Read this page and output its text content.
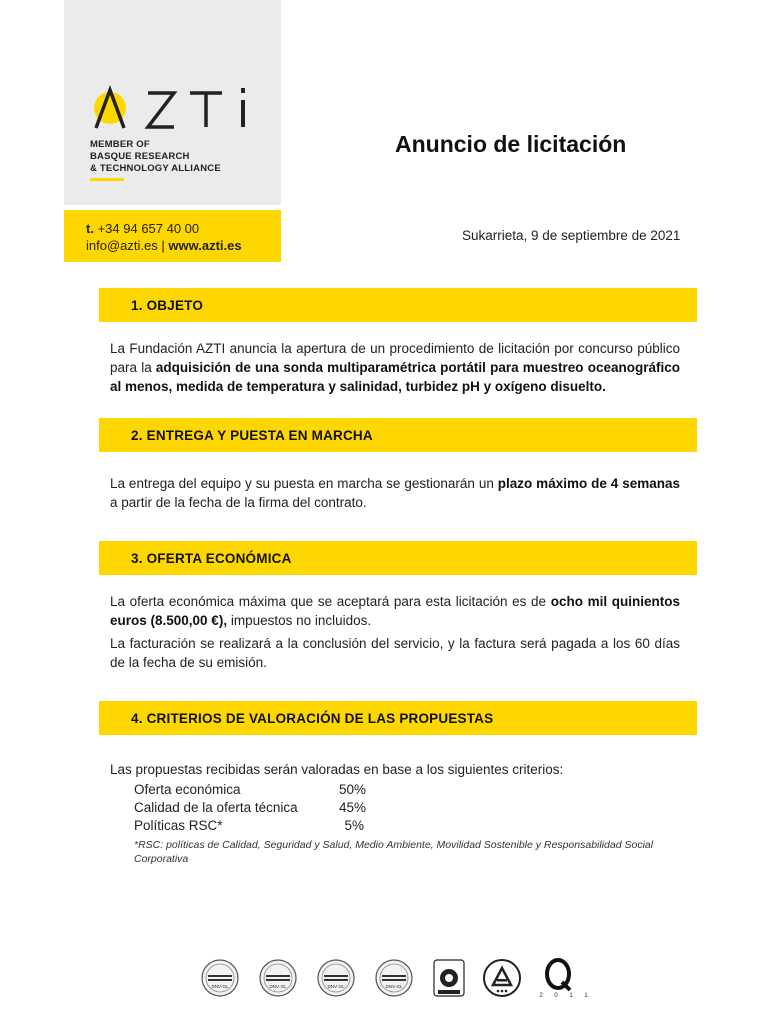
MEMBER OF
BASQUE RESEARCH
& TECHNOLOGY ALLIANCE
t. +34 94 657 40 00
info@azti.es | www.azti.es
Anuncio de licitación
Sukarrieta, 9 de septiembre de 2021
1. OBJETO

La Fundación AZTI anuncia la apertura de un procedimiento de licitación por concurso público para la adquisición de una sonda multiparamétrica portátil para muestreo oceanográfico al menos, medida de temperatura y salinidad, turbidez pH y oxígeno disuelto.

2. ENTREGA Y PUESTA EN MARCHA

La entrega del equipo y su puesta en marcha se gestionarán un plazo máximo de 4 semanas a partir de la fecha de la firma del contrato.

3. OFERTA ECONÓMICA

La oferta económica máxima que se aceptará para esta licitación es de ocho mil quinientos euros (8.500,00 €), impuestos no incluidos.

La facturación se realizará a la conclusión del servicio, y la factura será pagada a los 60 días de la fecha de su emisión.

4. CRITERIOS DE VALORACIÓN DE LAS PROPUESTAS

Las propuestas recibidas serán valoradas en base a los siguientes criterios:

Oferta económica	50%
Calidad de la oferta técnica	45%
Políticas RSC*	5%
*RSC: políticas de Calidad, Seguridad y Salud, Medio Ambiente, Movilidad Sostenible y Responsabilidad Social Corporativa
DNV·GL	DNV·GL	DNV·GL	DNV·GL
2 0 1 1
